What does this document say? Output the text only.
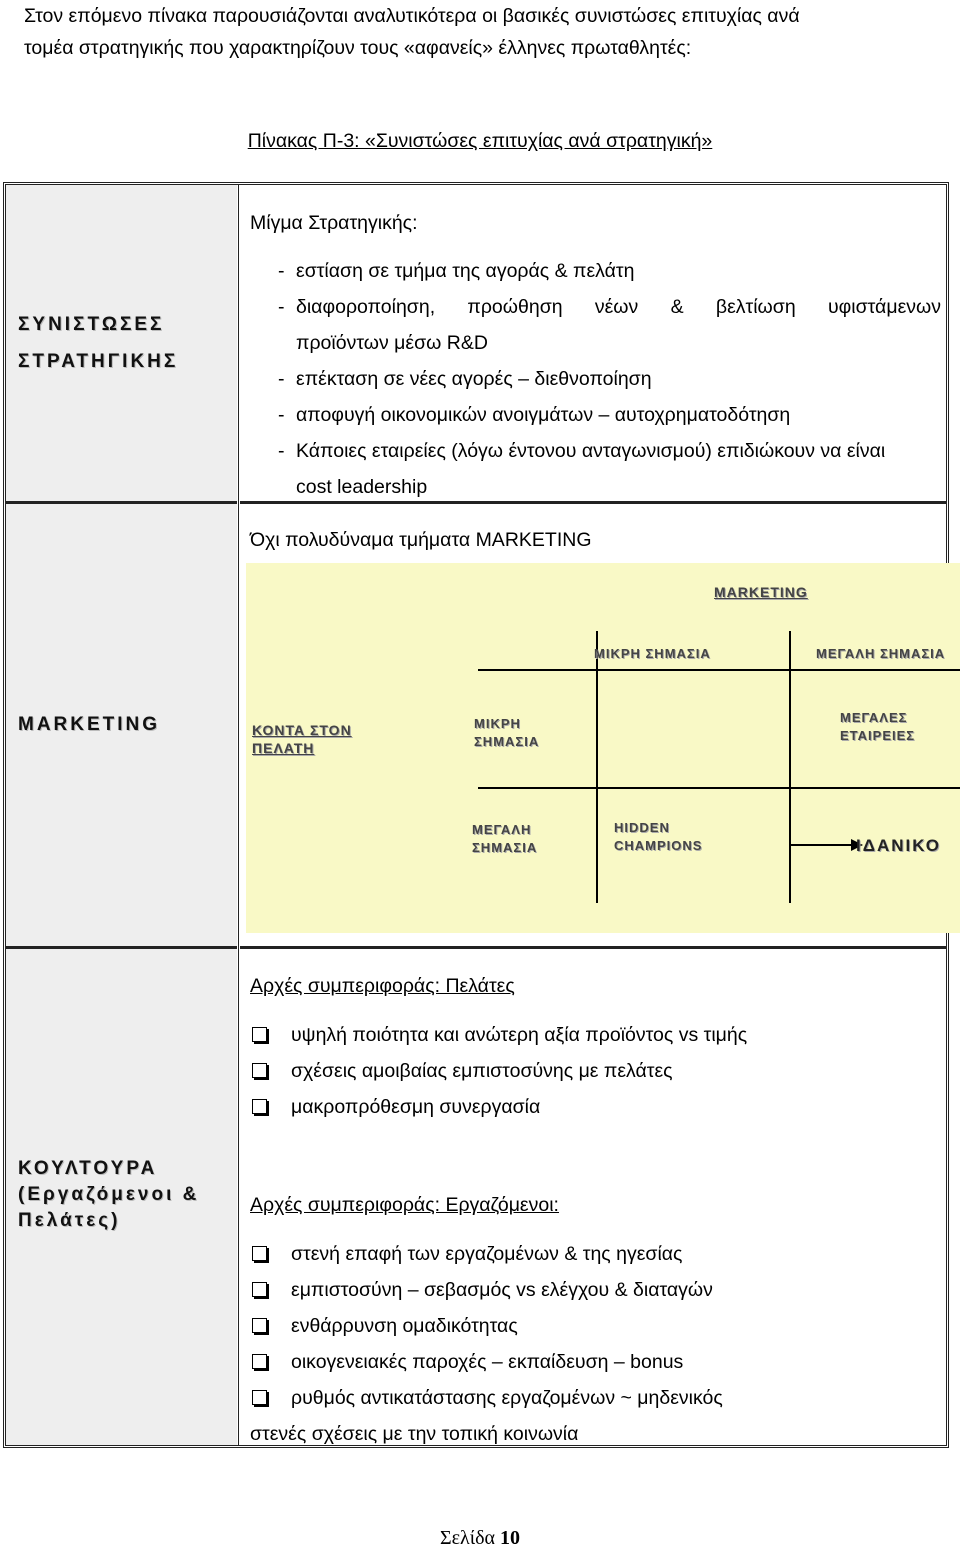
Στον επόμενο πίνακα παρουσιάζονται αναλυτικότερα οι βασικές συνιστώσες επιτυχίας ανά
τομέα στρατηγικής που χαρακτηρίζουν τους «αφανείς» έλληνες πρωταθλητές:
Πίνακας Π-3: «Συνιστώσες επιτυχίας ανά στρατηγική»
ΣΥΝΙΣΤΩΣΕΣ
ΣΤΡΑΤΗΓΙΚΗΣ
Μίγμα Στρατηγικής:
- εστίαση σε τμήμα της αγοράς & πελάτη
- διαφοροποίηση, προώθηση νέων & βελτίωση υφιστάμενων
προϊόντων μέσω R&D
- επέκταση σε νέες αγορές – διεθνοποίηση
- αποφυγή οικονομικών ανοιγμάτων – αυτοχρηματοδότηση
- Κάποιες εταιρείες (λόγω έντονου ανταγωνισμού) επιδιώκουν να είναι
cost leadership
MARKETING
Όχι πολυδύναμα τμήματα MARKETING
ΚΟΥΛΤΟΥΡΑ
(Εργαζόμενοι &
Πελάτες)
Αρχές συμπεριφοράς: Πελάτες
υψηλή ποιότητα και ανώτερη αξία προϊόντος vs τιμής
σχέσεις αμοιβαίας εμπιστοσύνης με πελάτες
μακροπρόθεσμη συνεργασία
Αρχές συμπεριφοράς: Εργαζόμενοι:
στενή επαφή των εργαζομένων & της ηγεσίας
εμπιστοσύνη – σεβασμός vs ελέγχου & διαταγών
ενθάρρυνση ομαδικότητας
οικογενειακές παροχές – εκπαίδευση – bonus
ρυθμός αντικατάστασης εργαζομένων ~ μηδενικός
στενές σχέσεις με την τοπική κοινωνία
MARKETING
ΜΙΚΡΗ ΣΗΜΑΣΙΑ	ΜΕΓΑΛΗ ΣΗΜΑΣΙΑ
ΚΟΝΤΑ ΣΤΟΝ
ΠΕΛΑΤΗ
ΜΙΚΡΗ
ΣΗΜΑΣΙΑ
ΜΕΓΑΛΕΣ
ΕΤΑΙΡΕΙΕΣ
ΜΕΓΑΛΗ
ΣΗΜΑΣΙΑ
HIDDEN
CHAMPIONS	ΙΔΑΝΙΚΟ
Σελίδα 10
